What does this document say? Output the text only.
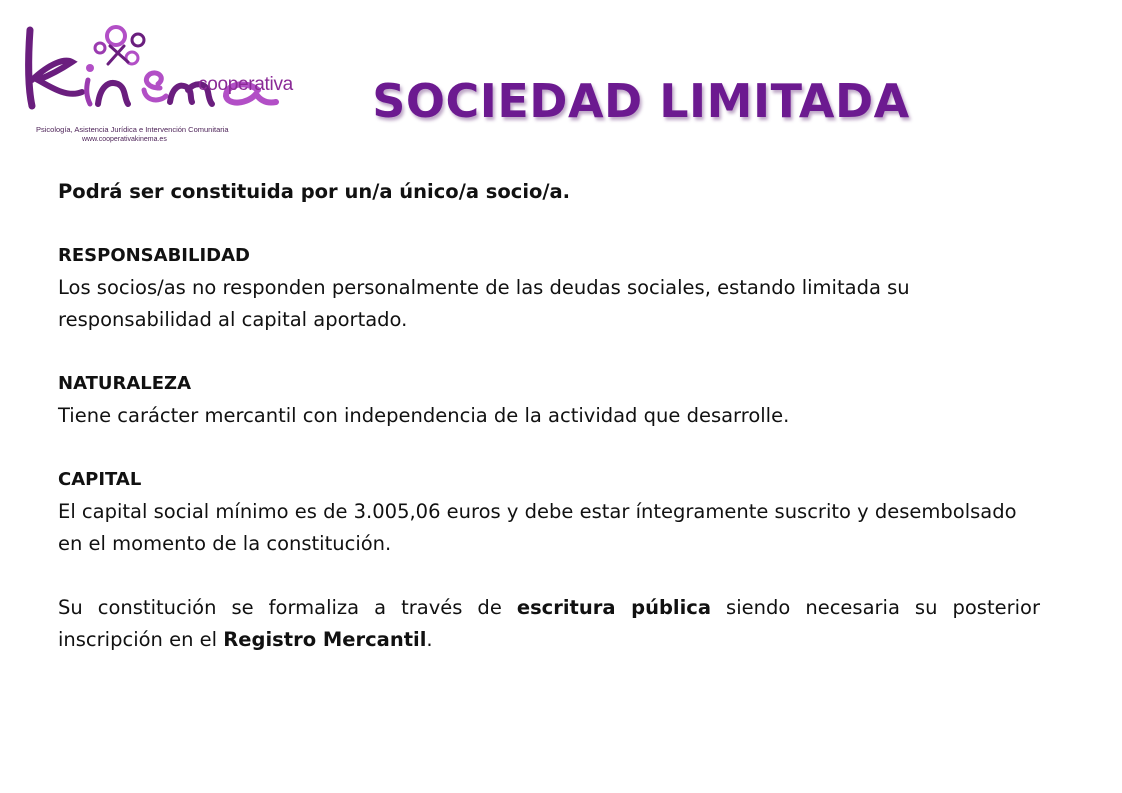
cooperativa
Psicología, Asistencia Jurídica e Intervención Comunitaria
www.cooperativakinema.es
SOCIEDAD LIMITADA

Podrá ser constituida por un/a único/a socio/a.

RESPONSABILIDAD

Los socios/as no responden personalmente de las deudas sociales, estando limitada su responsabilidad al capital aportado.

NATURALEZA

Tiene carácter mercantil con independencia de la actividad que desarrolle.

CAPITAL

El capital social mínimo es de 3.005,06 euros y debe estar íntegramente suscrito y desembolsado en el momento de la constitución.

Su constitución se formaliza a través de escritura pública siendo necesaria su posterior inscripción en el Registro Mercantil.
